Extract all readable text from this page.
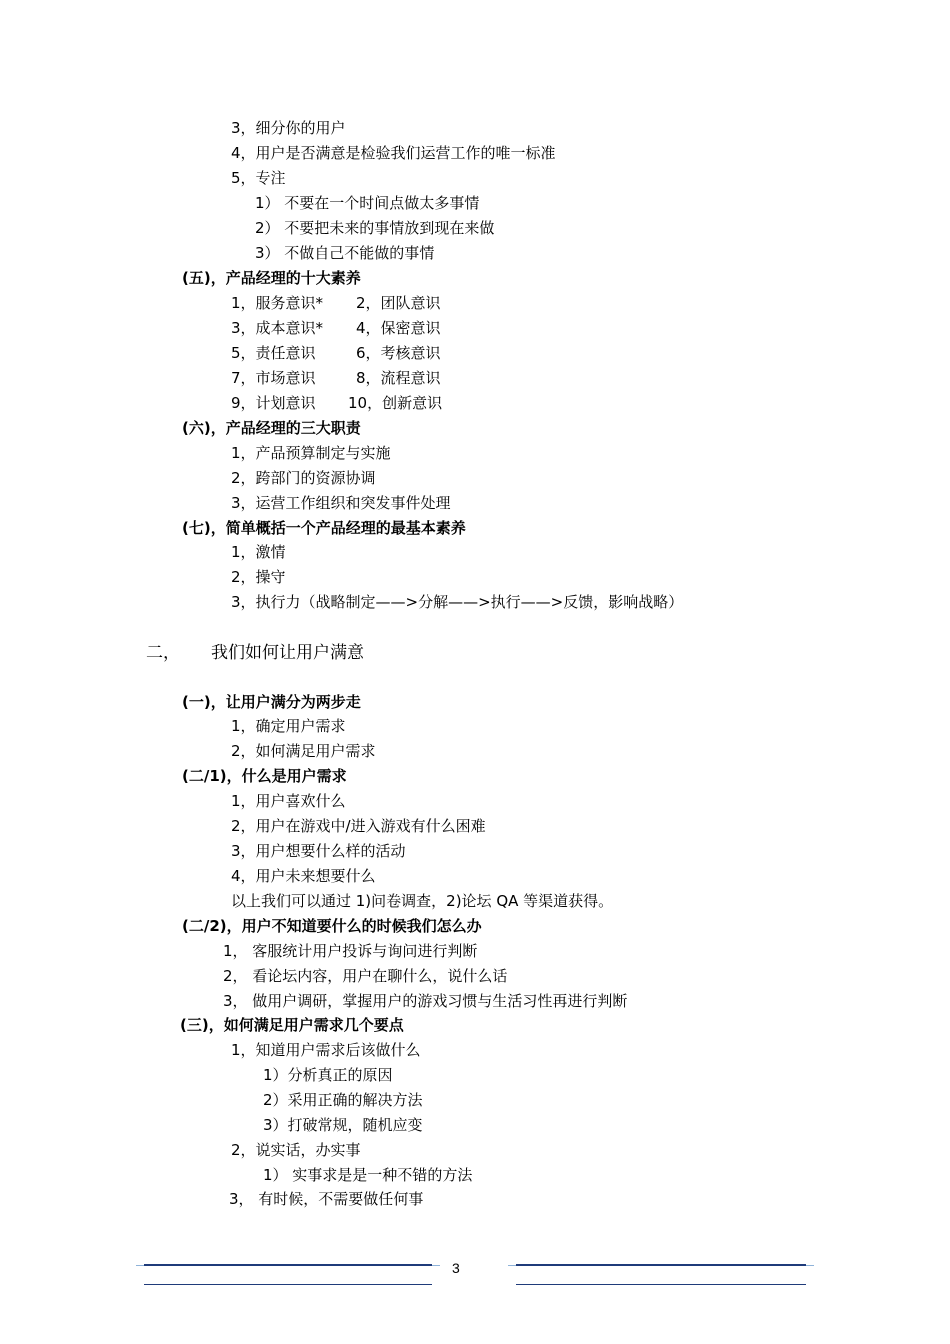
3，细分你的用户
4，用户是否满意是检验我们运营工作的唯一标准
5，专注
1） 不要在一个时间点做太多事情
2） 不要把未来的事情放到现在来做
3） 不做自己不能做的事情
(五)，产品经理的十大素养
1，服务意识* 2，团队意识
3，成本意识* 4，保密意识
5，责任意识	6，考核意识
7，市场意识	8，流程意识
9，计划意识 10，创新意识
(六)，产品经理的三大职责
1，产品预算制定与实施
2，跨部门的资源协调
3，运营工作组织和突发事件处理
(七)，简单概括一个产品经理的最基本素养
1，激情
2，操守
3，执行力（战略制定——>分解——>执行——>反馈，影响战略）
二， 我们如何让用户满意
(一)，让用户满分为两步走
1，确定用户需求
2，如何满足用户需求
(二/1)，什么是用户需求
1，用户喜欢什么
2，用户在游戏中/进入游戏有什么困难
3，用户想要什么样的活动
4，用户未来想要什么
以上我们可以通过 1)问卷调查，2)论坛 QA 等渠道获得。
(二/2)，用户不知道要什么的时候我们怎么办
1， 客服统计用户投诉与询问进行判断
2， 看论坛内容，用户在聊什么，说什么话
3， 做用户调研，掌握用户的游戏习惯与生活习性再进行判断
(三)，如何满足用户需求几个要点
1，知道用户需求后该做什么
1）分析真正的原因
2）采用正确的解决方法
3）打破常规，随机应变
2，说实话，办实事
1） 实事求是是一种不错的方法
3， 有时候，不需要做任何事
3
